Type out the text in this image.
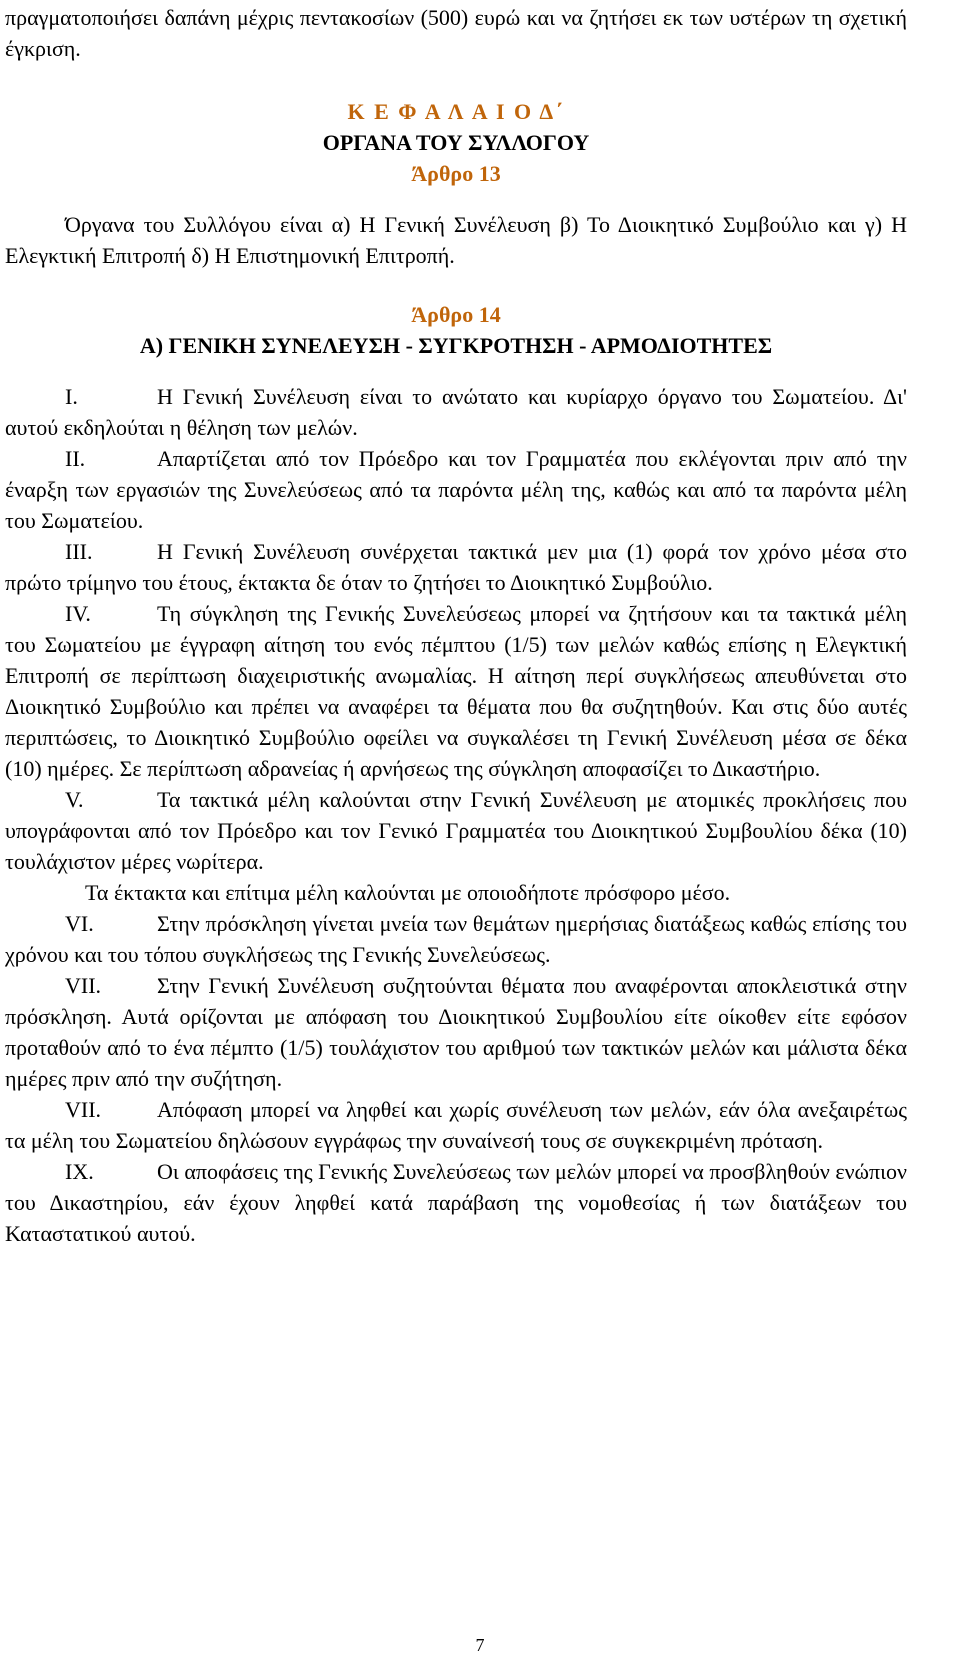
πραγματοποιήσει δαπάνη μέχρις πεντακοσίων (500) ευρώ και να ζητήσει εκ των υστέρων τη σχετική έγκριση.

Κ Ε Φ Α Λ Α Ι Ο Δ΄
ΟΡΓΑΝΑ ΤΟΥ ΣΥΛΛΟΓΟΥ
Άρθρο 13

Όργανα του Συλλόγου είναι α) Η Γενική Συνέλευση β) Το Διοικητικό Συμβούλιο και γ) Η Ελεγκτική Επιτροπή δ) Η Επιστημονική Επιτροπή.

Άρθρο 14
Α) ΓΕΝΙΚΗ ΣΥΝΕΛΕΥΣΗ - ΣΥΓΚΡΟΤΗΣΗ - ΑΡΜΟΔΙΟΤΗΤΕΣ

I.	Η Γενική Συνέλευση είναι το ανώτατο και κυρίαρχο όργανο του Σωματείου. Δι' αυτού εκδηλούται η θέληση των μελών.

II.	Απαρτίζεται από τον Πρόεδρο και τον Γραμματέα που εκλέγονται πριν από την έναρξη των εργασιών της Συνελεύσεως από τα παρόντα μέλη της, καθώς και από τα παρόντα μέλη του Σωματείου.

III.	Η Γενική Συνέλευση συνέρχεται τακτικά μεν μια (1) φορά τον χρόνο μέσα στο πρώτο τρίμηνο του έτους, έκτακτα δε όταν το ζητήσει το Διοικητικό Συμβούλιο.

IV.	Τη σύγκληση της Γενικής Συνελεύσεως μπορεί να ζητήσουν και τα τακτικά μέλη του Σωματείου με έγγραφη αίτηση του ενός πέμπτου (1/5) των μελών καθώς επίσης η Ελεγκτική Επιτροπή σε περίπτωση διαχειριστικής ανωμαλίας. Η αίτηση περί συγκλήσεως απευθύνεται στο Διοικητικό Συμβούλιο και πρέπει να αναφέρει τα θέματα που θα συζητηθούν. Και στις δύο αυτές περιπτώσεις, το Διοικητικό Συμβούλιο οφείλει να συγκαλέσει τη Γενική Συνέλευση μέσα σε δέκα (10) ημέρες. Σε περίπτωση αδρανείας ή αρνήσεως της σύγκληση αποφασίζει το Δικαστήριο.

V.	Τα τακτικά μέλη καλούνται στην Γενική Συνέλευση με ατομικές προκλήσεις που υπογράφονται από τον Πρόεδρο και τον Γενικό Γραμματέα του Διοικητικού Συμβουλίου δέκα (10) τουλάχιστον μέρες νωρίτερα.

Τα έκτακτα και επίτιμα μέλη καλούνται με οποιοδήποτε πρόσφορο μέσο.

VI.	Στην πρόσκληση γίνεται μνεία των θεμάτων ημερήσιας διατάξεως καθώς επίσης του χρόνου και του τόπου συγκλήσεως της Γενικής Συνελεύσεως.

VII.	Στην Γενική Συνέλευση συζητούνται θέματα που αναφέρονται αποκλειστικά στην πρόσκληση. Αυτά ορίζονται με απόφαση του Διοικητικού Συμβουλίου είτε οίκοθεν είτε εφόσον προταθούν από το ένα πέμπτο (1/5) τουλάχιστον του αριθμού των τακτικών μελών και μάλιστα δέκα ημέρες πριν από την συζήτηση.

VII.	Απόφαση μπορεί να ληφθεί και χωρίς συνέλευση των μελών, εάν όλα ανεξαιρέτως τα μέλη του Σωματείου δηλώσουν εγγράφως την συναίνεσή τους σε συγκεκριμένη πρόταση.

IX.	Οι αποφάσεις της Γενικής Συνελεύσεως των μελών μπορεί να προσβληθούν ενώπιον του Δικαστηρίου, εάν έχουν ληφθεί κατά παράβαση της νομοθεσίας ή των διατάξεων του Καταστατικού αυτού.

7
